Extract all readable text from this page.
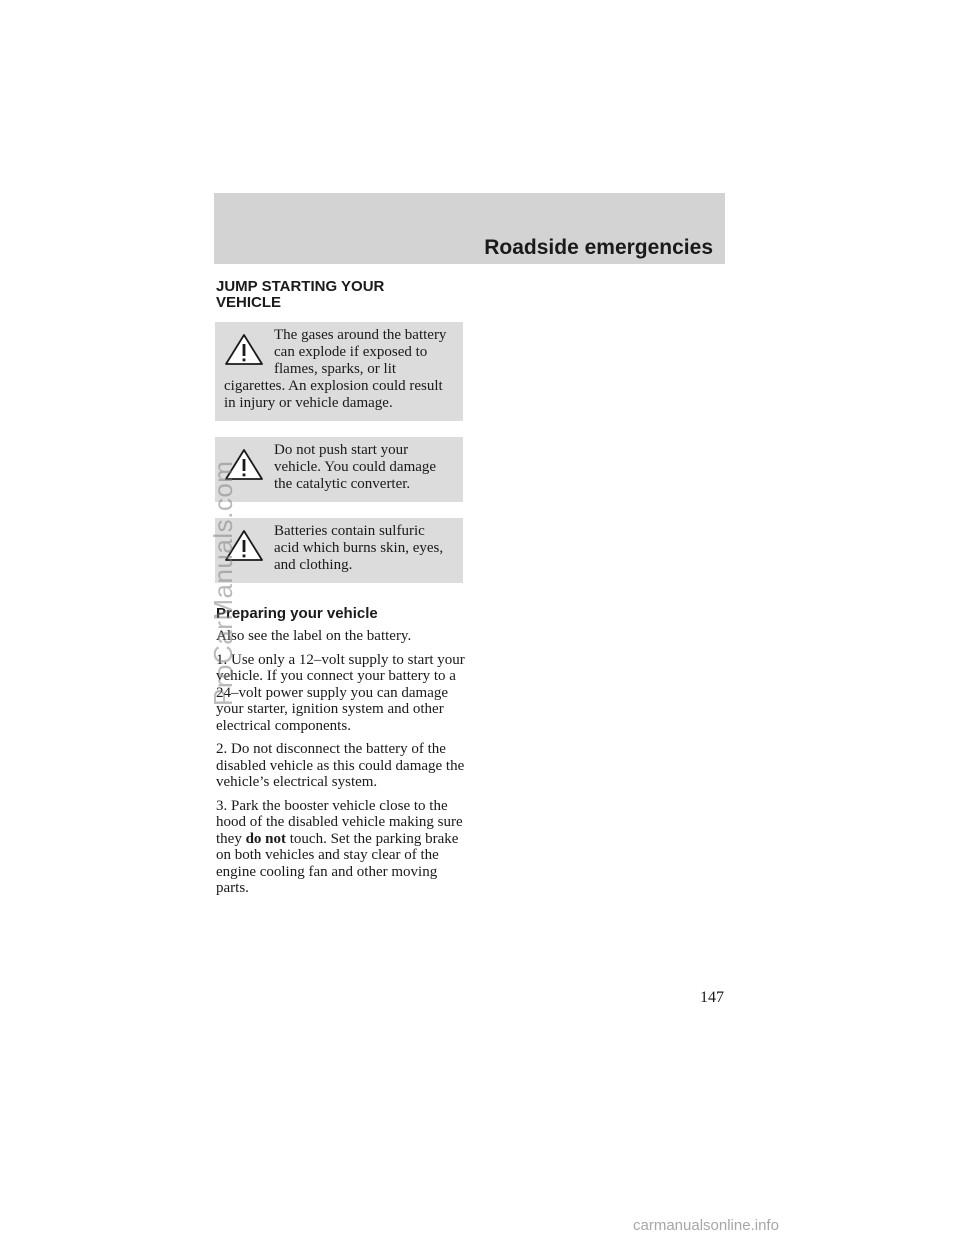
Roadside emergencies
JUMP STARTING YOUR VEHICLE
The gases around the battery can explode if exposed to flames, sparks, or lit cigarettes. An explosion could result in injury or vehicle damage.
Do not push start your vehicle. You could damage the catalytic converter.
Batteries contain sulfuric acid which burns skin, eyes, and clothing.
Preparing your vehicle

Also see the label on the battery.

1. Use only a 12–volt supply to start your vehicle. If you connect your battery to a 24–volt power supply you can damage your starter, ignition system and other electrical components.

2. Do not disconnect the battery of the disabled vehicle as this could damage the vehicle’s electrical system.

3. Park the booster vehicle close to the hood of the disabled vehicle making sure they do not touch. Set the parking brake on both vehicles and stay clear of the engine cooling fan and other moving parts.

147
ProCarManuals.com
carmanualsonline.info
